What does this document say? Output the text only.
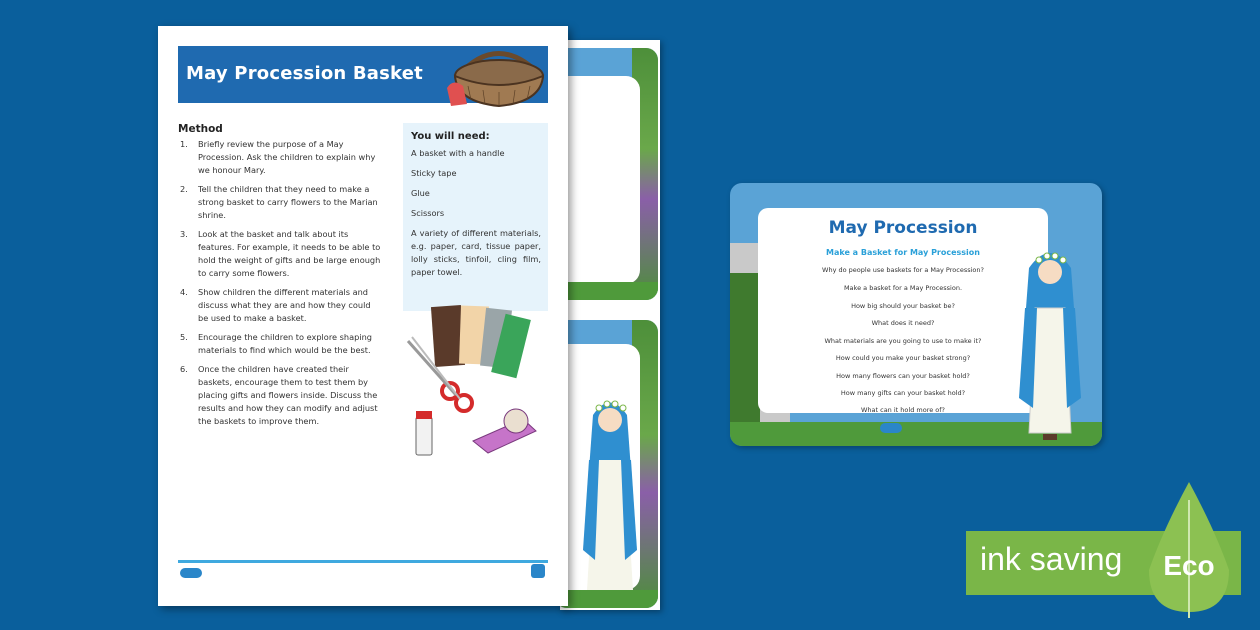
May Procession Basket
Method
1. Briefly review the purpose of a May Procession. Ask the children to explain why we honour Mary.
2. Tell the children that they need to make a strong basket to carry flowers to the Marian shrine.
3. Look at the basket and talk about its features. For example, it needs to be able to hold the weight of gifts and be large enough to carry some flowers.
4. Show children the different materials and discuss what they are and how they could be used to make a basket.
5. Encourage the children to explore shaping materials to find which would be the best.
6. Once the children have created their baskets, encourage them to test them by placing gifts and flowers inside. Discuss the results and how they can modify and adjust the baskets to improve them.
You will need:
A basket with a handle
Sticky tape
Glue
Scissors
A variety of different materials, e.g. paper, card, tissue paper, lolly sticks, tinfoil, cling film, paper towel.
May Procession
Make a Basket for May Procession
Why do people use baskets for a May Procession?
Make a basket for a May Procession.
How big should your basket be?
What does it need?
What materials are you going to use to make it?
How could you make your basket strong?
How many flowers can your basket hold?
How many gifts can your basket hold?
What can it hold more of?
ink saving	Eco
